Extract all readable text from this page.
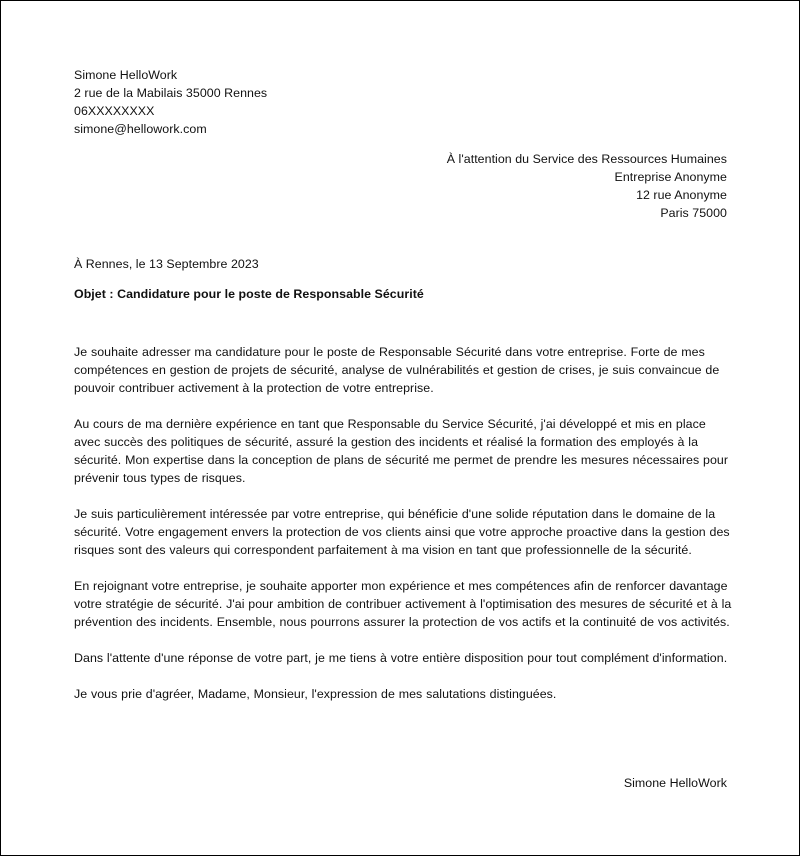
Simone HelloWork
2 rue de la Mabilais 35000 Rennes
06XXXXXXXX
simone@hellowork.com
À l'attention du Service des Ressources Humaines
Entreprise Anonyme
12 rue Anonyme
Paris 75000
À Rennes, le 13 Septembre 2023
Objet : Candidature pour le poste de Responsable Sécurité

Je souhaite adresser ma candidature pour le poste de Responsable Sécurité dans votre entreprise. Forte de mes compétences en gestion de projets de sécurité, analyse de vulnérabilités et gestion de crises, je suis convaincue de pouvoir contribuer activement à la protection de votre entreprise.

Au cours de ma dernière expérience en tant que Responsable du Service Sécurité, j'ai développé et mis en place avec succès des politiques de sécurité, assuré la gestion des incidents et réalisé la formation des employés à la sécurité. Mon expertise dans la conception de plans de sécurité me permet de prendre les mesures nécessaires pour prévenir tous types de risques.

Je suis particulièrement intéressée par votre entreprise, qui bénéficie d'une solide réputation dans le domaine de la sécurité. Votre engagement envers la protection de vos clients ainsi que votre approche proactive dans la gestion des risques sont des valeurs qui correspondent parfaitement à ma vision en tant que professionnelle de la sécurité.

En rejoignant votre entreprise, je souhaite apporter mon expérience et mes compétences afin de renforcer davantage votre stratégie de sécurité. J'ai pour ambition de contribuer activement à l'optimisation des mesures de sécurité et à la prévention des incidents. Ensemble, nous pourrons assurer la protection de vos actifs et la continuité de vos activités.

Dans l'attente d'une réponse de votre part, je me tiens à votre entière disposition pour tout complément d'information.

Je vous prie d'agréer, Madame, Monsieur, l'expression de mes salutations distinguées.

Simone HelloWork
